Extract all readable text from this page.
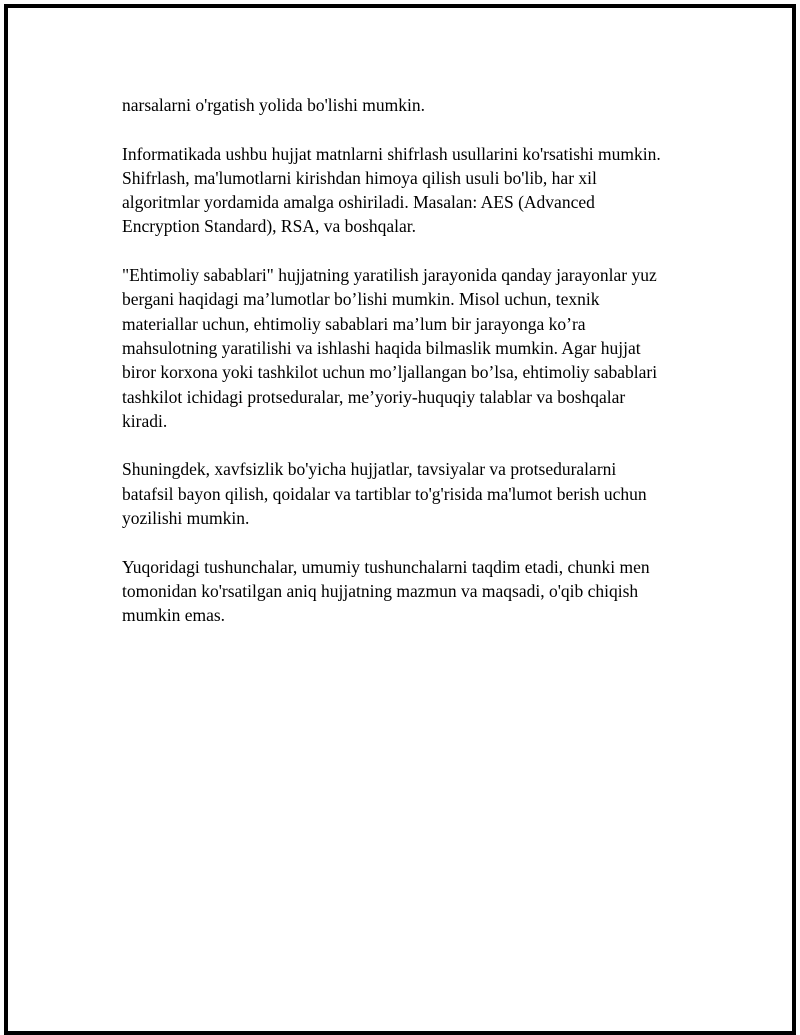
narsalarni o'rgatish yolida bo'lishi mumkin.

Informatikada ushbu hujjat matnlarni shifrlash usullarini ko'rsatishi mumkin.
Shifrlash, ma'lumotlarni kirishdan himoya qilish usuli bo'lib, har xil
algoritmlar yordamida amalga oshiriladi. Masalan: AES (Advanced
Encryption Standard), RSA, va boshqalar.

"Ehtimoliy sabablari" hujjatning yaratilish jarayonida qanday jarayonlar yuz
bergani haqidagi ma’lumotlar bo’lishi mumkin. Misol uchun, texnik
materiallar uchun, ehtimoliy sabablari ma’lum bir jarayonga ko’ra
mahsulotning yaratilishi va ishlashi haqida bilmaslik mumkin. Agar hujjat
biror korxona yoki tashkilot uchun mo’ljallangan bo’lsa, ehtimoliy sabablari
tashkilot ichidagi protseduralar, me’yoriy-huquqiy talablar va boshqalar
kiradi.

Shuningdek, xavfsizlik bo'yicha hujjatlar, tavsiyalar va protseduralarni
batafsil bayon qilish, qoidalar va tartiblar to'g'risida ma'lumot berish uchun
yozilishi mumkin.

Yuqoridagi tushunchalar, umumiy tushunchalarni taqdim etadi, chunki men
tomonidan ko'rsatilgan aniq hujjatning mazmun va maqsadi, o'qib chiqish
mumkin emas.
